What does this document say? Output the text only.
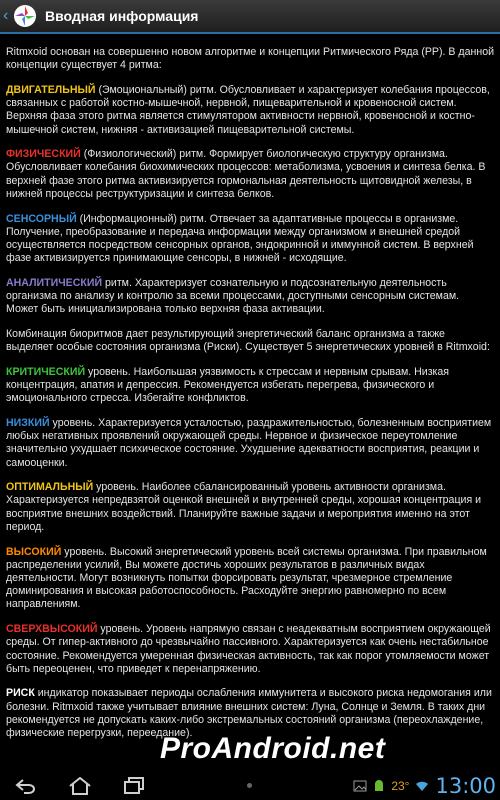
‹	Вводная информация

Ritmxoid основан на совершенно новом алгоритме и концепции Ритмического Ряда (РР). В данной концепции существует 4 ритма:

ДВИГАТЕЛЬНЫЙ (Эмоциональный) ритм. Обусловливает и характеризует колебания процессов, связанных с работой костно-мышечной, нервной, пищеварительной и кровеносной систем. Верхняя фаза этого ритма является стимулятором активности нервной, кровеносной и костно-мышечной систем, нижняя - активизацией пищеварительной системы.

ФИЗИЧЕСКИЙ (Физиологический) ритм. Формирует биологическую структуру организма. Обусловливает колебания биохимических процессов: метаболизма, усвоения и синтеза белка. В верхней фазе этого ритма активизируется гормональная деятельность щитовидной железы, в нижней процессы реструктуризации и синтеза белков.

СЕНСОРНЫЙ (Информационный) ритм. Отвечает за адаптативные процессы в организме. Получение, преобразование и передача информации между организмом и внешней средой осуществляется посредством сенсорных органов, эндокринной и иммунной систем. В верхней фазе активизируется принимающие сенсоры, в нижней - исходящие.

АНАЛИТИЧЕСКИЙ ритм. Характеризует сознательную и подсознательную деятельность организма по анализу и контролю за всеми процессами, доступными сенсорным системам. Может быть инициализирована только верхняя фаза активации.

Комбинация биоритмов дает результирующий энергетический баланс организма а также выделяет особые состояния организма (Риски). Существует 5 энергетических уровней в Ritmxoid:

КРИТИЧЕСКИЙ уровень. Наибольшая уязвимость к стрессам и нервным срывам. Низкая концентрация, апатия и депрессия. Рекомендуется избегать перегрева, физического и эмоционального стресса. Избегайте конфликтов.

НИЗКИЙ уровень. Характеризуется усталостью, раздражительностью, болезненным восприятием любых негативных проявлений окружающей среды. Нервное и физическое переутомление значительно ухудшает психическое состояние. Ухудшение адекватности восприятия, реакции и самооценки.

ОПТИМАЛЬНЫЙ уровень. Наиболее сбалансированный уровень активности организма. Характеризуется непредвзятой оценкой внешней и внутренней среды, хорошая концентрация и восприятие внешних воздействий. Планируйте важные задачи и мероприятия именно на этот период.

ВЫСОКИЙ уровень. Высокий энергетический уровень всей системы организма. При правильном распределении усилий, Вы можете достичь хороших результатов в различных видах деятельности. Могут возникнуть попытки форсировать результат, чрезмерное стремление доминирования и высокая работоспособность. Расходуйте энергию равномерно по всем направлениям.

СВЕРХВЫСОКИЙ уровень. Уровень напрямую связан с неадекватным восприятием окружающей среды. От гипер-активного до чрезвычайно пассивного. Характеризуется как очень нестабильное состояние. Рекомендуется умеренная физическая активность, так как порог утомляемости может быть переоценен, что приведет к перенапряжению.

РИСК индикатор показывает периоды ослабления иммунитета и высокого риска недомогания или болезни. Ritmxoid также учитывает влияние внешних систем: Луна, Солнце и Земля. В таких дни рекомендуется не допускать каких-либо экстремальных состояний организма (переохлаждение, физические перегрузки, переедание).

ProAndroid.net
23° 13:00
